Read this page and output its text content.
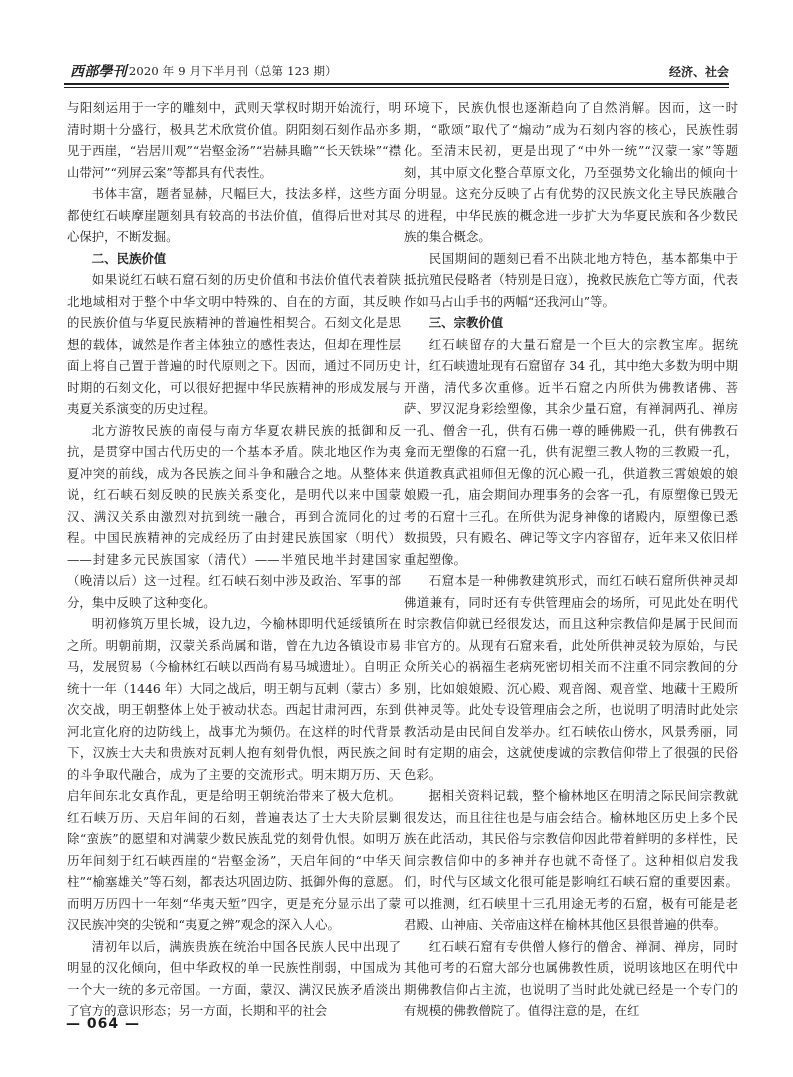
西部學刊 2020 年 9 月下半月刊（总第 123 期）	经济、社会

与阳刻运用于一字的雕刻中，武则天掌权时期开始流行，明清时期十分盛行，极具艺术欣赏价值。阴阳刻石刻作品亦多见于西崖，“岩居川观”“岩壑金汤”“岩赫具瞻”“长天铁垛”“襟山带河”“列屏云案”等都具有代表性。

书体丰富，题者显赫，尺幅巨大，技法多样，这些方面都使红石峡摩崖题刻具有较高的书法价值，值得后世对其尽心保护，不断发掘。

二、民族价值

如果说红石峡石窟石刻的历史价值和书法价值代表着陕北地域相对于整个中华文明中特殊的、自在的方面，其反映的民族价值与华夏民族精神的普遍性相契合。石刻文化是思想的载体，诚然是作者主体独立的感性表达，但却在理性层面上将自己置于普遍的时代原则之下。因而，通过不同历史时期的石刻文化，可以很好把握中华民族精神的形成发展与夷夏关系演变的历史过程。

北方游牧民族的南侵与南方华夏农耕民族的抵御和反抗，是贯穿中国古代历史的一个基本矛盾。陕北地区作为夷夏冲突的前线，成为各民族之间斗争和融合之地。从整体来说，红石峡石刻反映的民族关系变化，是明代以来中国蒙汉、满汉关系由激烈对抗到统一融合，再到合流同化的过程。中国民族精神的完成经历了由封建民族国家（明代）——封建多元民族国家（清代）——半殖民地半封建国家（晚清以后）这一过程。红石峡石刻中涉及政治、军事的部分，集中反映了这种变化。

明初修筑万里长城，设九边，今榆林即明代延绥镇所在之所。明朝前期，汉蒙关系尚属和谐，曾在九边各镇设市易马，发展贸易（今榆林红石峡以西尚有易马城遗址）。自明正统十一年（1446 年）大同之战后，明王朝与瓦剌（蒙古）多次交战，明王朝整体上处于被动状态。西起甘肃河西，东到河北宣化府的边防线上，战事尤为频仍。在这样的时代背景下，汉族士大夫和贵族对瓦剌人抱有刻骨仇恨，两民族之间的斗争取代融合，成为了主要的交流形式。明末期万历、天启年间东北女真作乱，更是给明王朝统治带来了极大危机。红石峡万历、天启年间的石刻，普遍表达了士大夫阶层剿除“蛮族”的愿望和对满蒙少数民族乱党的刻骨仇恨。如明万历年间刻于红石峡西崖的“岩壑金汤”，天启年间的“中华天柱”“榆塞雄关”等石刻，都表达巩固边防、抵御外侮的意愿。而明万历四十一年刻“华夷天堑”四字，更是充分显示出了蒙汉民族冲突的尖锐和“夷夏之辨”观念的深入人心。

清初年以后，满族贵族在统治中国各民族人民中出现了明显的汉化倾向，但中华政权的单一民族性削弱，中国成为一个大一统的多元帝国。一方面，蒙汉、满汉民族矛盾淡出了官方的意识形态；另一方面，长期和平的社会

环境下，民族仇恨也逐渐趋向了自然消解。因而，这一时期，“歌颂”取代了“煽动”成为石刻内容的核心，民族性弱化。至清末民初，更是出现了“中外一统”“汉蒙一家”等题刻，其中原文化整合草原文化，乃至强势文化输出的倾向十分明显。这充分反映了占有优势的汉民族文化主导民族融合的进程，中华民族的概念进一步扩大为华夏民族和各少数民族的集合概念。

民国期间的题刻已看不出陕北地方特色，基本都集中于抵抗殖民侵略者（特别是日寇），挽救民族危亡等方面，代表作如马占山手书的两幅“还我河山”等。

三、宗教价值

红石峡留存的大量石窟是一个巨大的宗教宝库。据统计，红石峡遗址现有石窟留存 34 孔，其中绝大多数为明中期开凿，清代多次重修。近半石窟之内所供为佛教诸佛、菩萨、罗汉泥身彩绘塑像，其余少量石窟，有禅洞两孔、禅房一孔、僧舍一孔，供有石佛一尊的睡佛殿一孔，供有佛教石龛而无塑像的石窟一孔，供有泥塑三教人物的三教殿一孔，供道教真武祖师但无像的沉心殿一孔，供道教三霄娘娘的娘娘殿一孔，庙会期间办理事务的会客一孔，有原塑像已毁无考的石窟十三孔。在所供为泥身神像的诸殿内，原塑像已悉数损毁，只有殿名、碑记等文字内容留存，近年来又依旧样重起塑像。

石窟本是一种佛教建筑形式，而红石峡石窟所供神灵却佛道兼有，同时还有专供管理庙会的场所，可见此处在明代时宗教信仰就已经很发达，而且这种宗教信仰是属于民间而非官方的。从现有石窟来看，此处所供神灵较为原始，与民众所关心的祸福生老病死密切相关而不注重不同宗教间的分别，比如娘娘殿、沉心殿、观音阁、观音堂、地藏十王殿所供神灵等。此处专设管理庙会之所，也说明了明清时此处宗教活动是由民间自发举办。红石峡依山傍水，风景秀丽，同时有定期的庙会，这就使虔诚的宗教信仰带上了很强的民俗色彩。

据相关资料记载，整个榆林地区在明清之际民间宗教就很发达，而且往往也是与庙会结合。榆林地区历史上多个民族在此活动，其民俗与宗教信仰因此带着鲜明的多样性，民间宗教信仰中的多神并存也就不奇怪了。这种相似启发我们，时代与区域文化很可能是影响红石峡石窟的重要因素。可以推测，红石峡里十三孔用途无考的石窟，极有可能是老君殿、山神庙、关帝庙这样在榆林其他区县很普遍的供奉。

红石峡石窟有专供僧人修行的僧舍、禅洞、禅房，同时其他可考的石窟大部分也属佛教性质，说明该地区在明代中期佛教信仰占主流，也说明了当时此处就已经是一个专门的有规模的佛教僧院了。值得注意的是，在红

— 064 —
